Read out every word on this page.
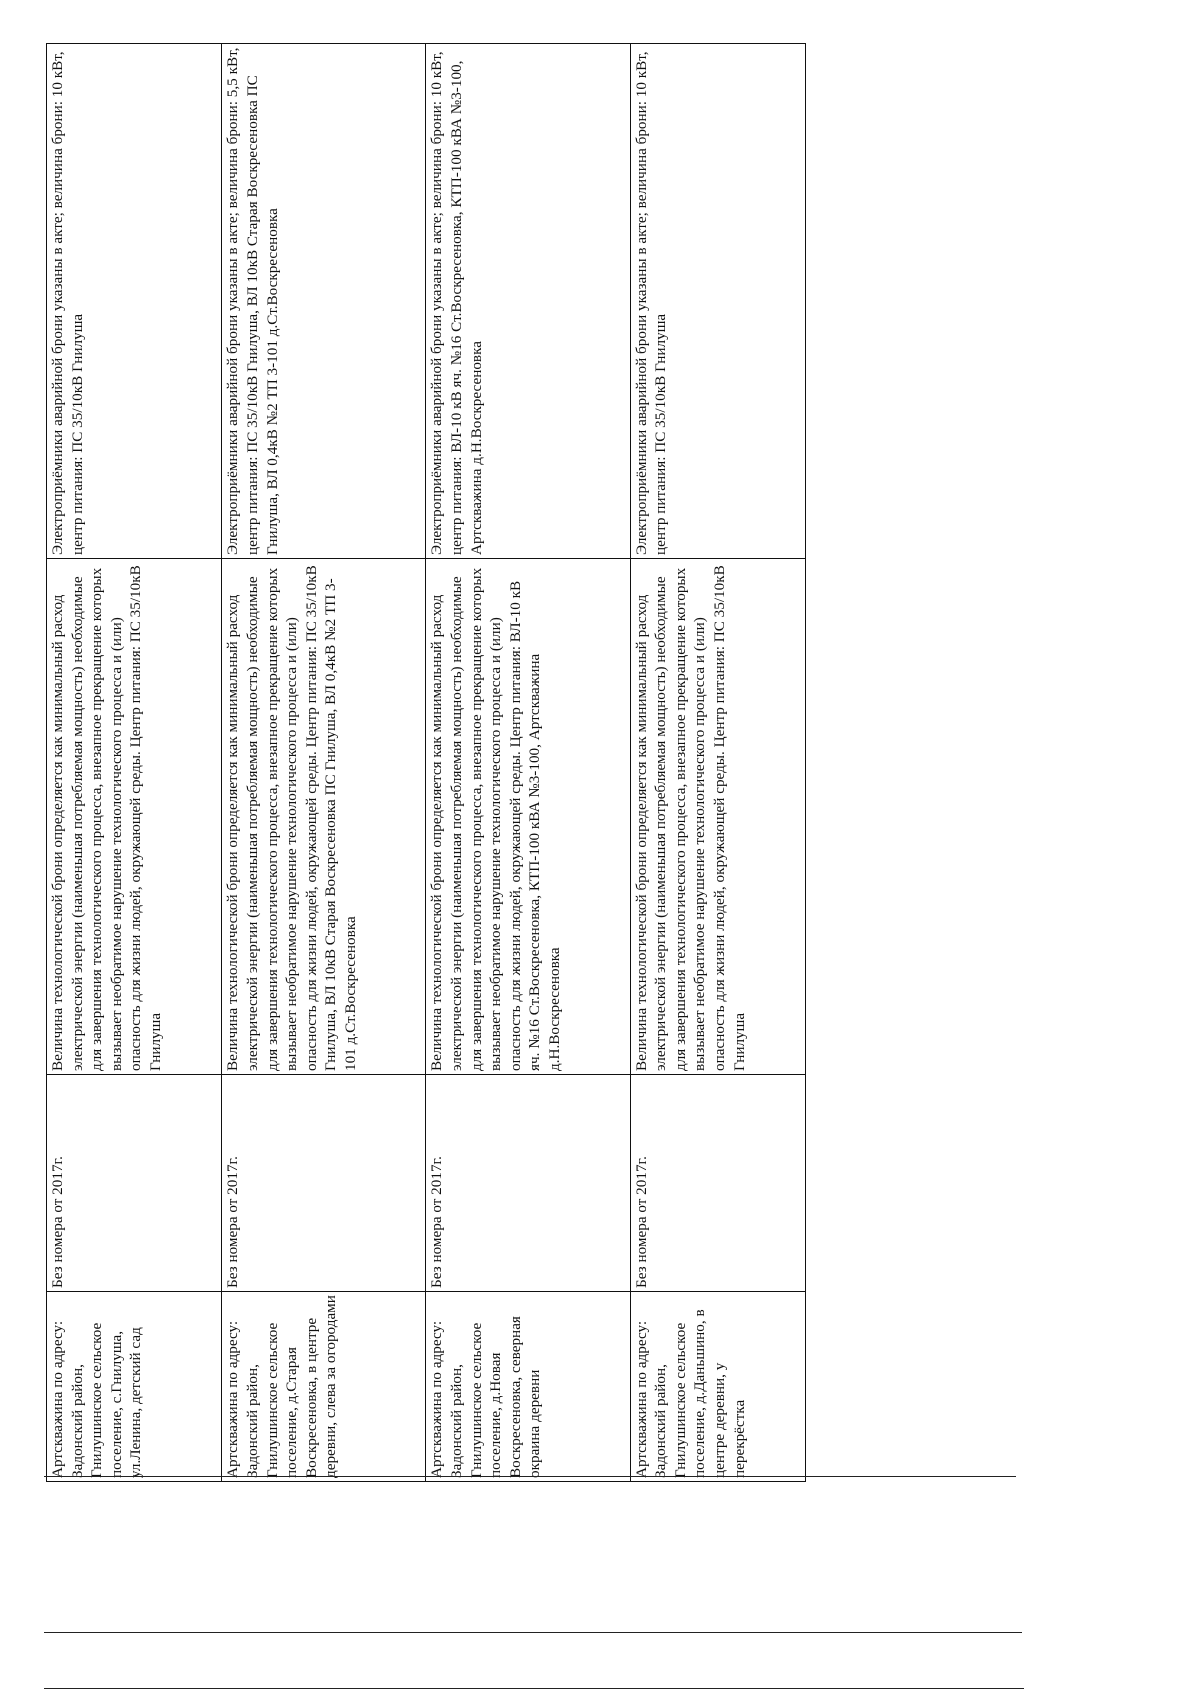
Артскважина по адресу: Задонский район, Гнилушинское сельское поселение, с.Гнилуша, ул.Ленина, детский сад	Без номера от 2017г.	Величина технологической брони определяется как минимальный расход электрической энергии (наименьшая потребляемая мощность) необходимые для завершения технологического процесса, внезапное прекращение которых вызывает необратимое нарушение технологического процесса и (или) опасность для жизни людей, окружающей среды. Центр питания: ПС 35/10кВ Гнилуша	Электроприёмники аварийной брони указаны в акте; величина брони: 10 кВт, центр питания: ПС 35/10кВ Гнилуша
Артскважина по адресу: Задонский район, Гнилушинское сельское поселение, д.Старая Воскресеновка, в центре деревни, слева за огородами	Без номера от 2017г.	Величина технологической брони определяется как минимальный расход электрической энергии (наименьшая потребляемая мощность) необходимые для завершения технологического процесса, внезапное прекращение которых вызывает необратимое нарушение технологического процесса и (или) опасность для жизни людей, окружающей среды. Центр питания: ПС 35/10кВ Гнилуша, ВЛ 10кВ Старая Воскресеновка ПС Гнилуша, ВЛ 0,4кВ №2 ТП 3-101 д.Ст.Воскресеновка	Электроприёмники аварийной брони указаны в акте; величина брони: 5,5 кВт, центр питания: ПС 35/10кВ Гнилуша, ВЛ 10кВ Старая Воскресеновка ПС Гнилуша, ВЛ 0,4кВ №2 ТП 3-101 д.Ст.Воскресеновка
Артскважина по адресу: Задонский район, Гнилушинское сельское поселение, д.Новая Воскресеновка, северная окраина деревни	Без номера от 2017г.	Величина технологической брони определяется как минимальный расход электрической энергии (наименьшая потребляемая мощность) необходимые для завершения технологического процесса, внезапное прекращение которых вызывает необратимое нарушение технологического процесса и (или) опасность для жизни людей, окружающей среды. Центр питания: ВЛ-10 кВ яч. №16 Ст.Воскресеновка, КТП-100 кВА №3-100, Артскважина д.Н.Воскресеновка	Электроприёмники аварийной брони указаны в акте; величина брони: 10 кВт, центр питания: ВЛ-10 кВ яч. №16 Ст.Воскресеновка, КТП-100 кВА №3-100, Артскважина д.Н.Воскресеновка
Артскважина по адресу: Задонский район, Гнилушинское сельское поселение, д.Даньшино, в центре деревни, у перекрёстка	Без номера от 2017г.	Величина технологической брони определяется как минимальный расход электрической энергии (наименьшая потребляемая мощность) необходимые для завершения технологического процесса, внезапное прекращение которых вызывает необратимое нарушение технологического процесса и (или) опасность для жизни людей, окружающей среды. Центр питания: ПС 35/10кВ Гнилуша	Электроприёмники аварийной брони указаны в акте; величина брони: 10 кВт, центр питания: ПС 35/10кВ Гнилуша
